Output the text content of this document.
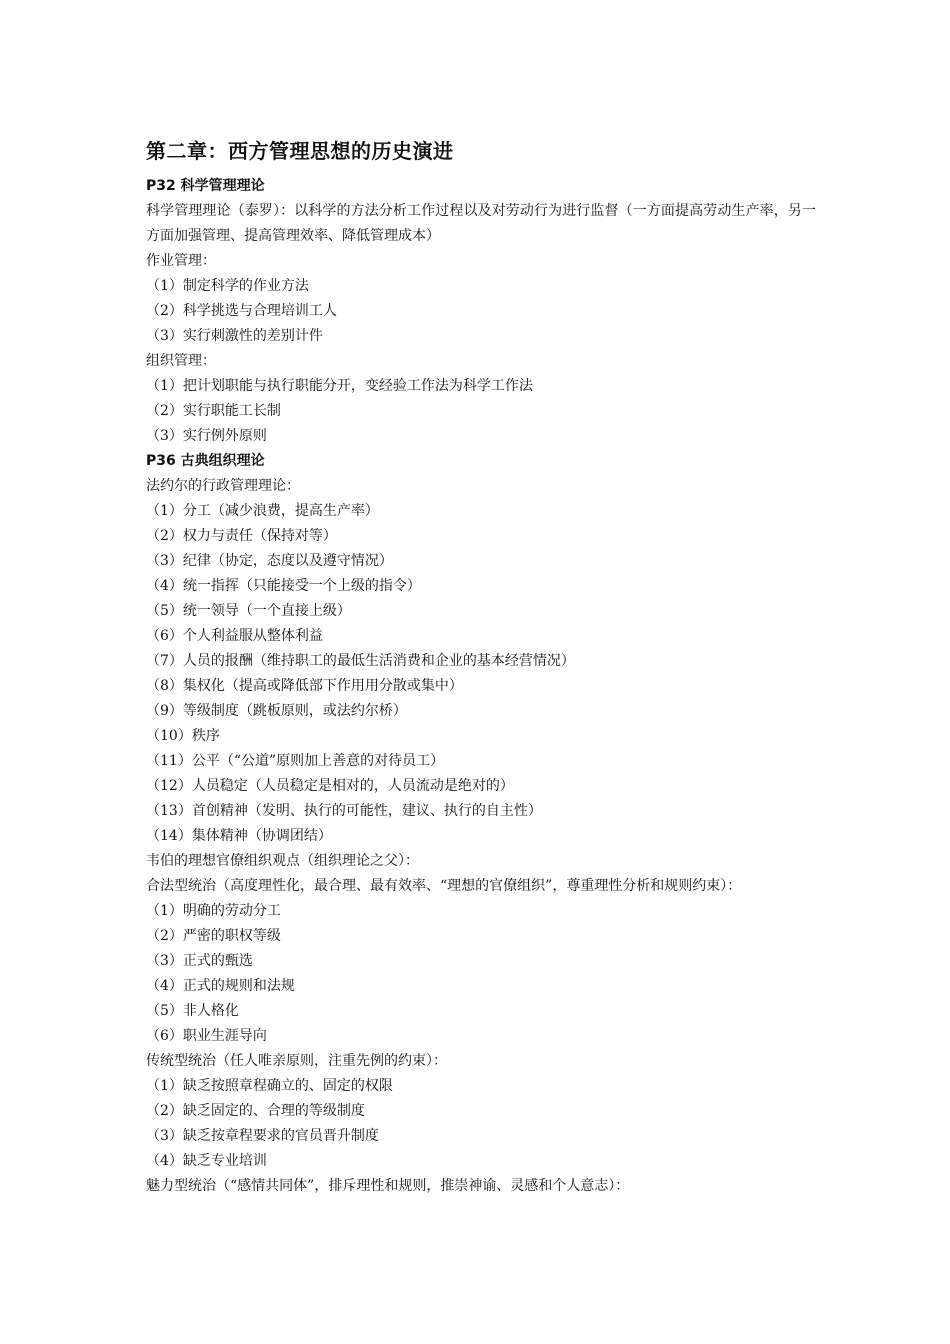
第二章：西方管理思想的历史演进
P32 科学管理理论
科学管理理论（泰罗）：以科学的方法分析工作过程以及对劳动行为进行监督（一方面提高劳动生产率，另一方面加强管理、提高管理效率、降低管理成本）
作业管理：
（1）制定科学的作业方法
（2）科学挑选与合理培训工人
（3）实行刺激性的差别计件
组织管理：
（1）把计划职能与执行职能分开，变经验工作法为科学工作法
（2）实行职能工长制
（3）实行例外原则
P36 古典组织理论
法约尔的行政管理理论：
（1）分工（减少浪费，提高生产率）
（2）权力与责任（保持对等）
（3）纪律（协定，态度以及遵守情况）
（4）统一指挥（只能接受一个上级的指令）
（5）统一领导（一个直接上级）
（6）个人利益服从整体利益
（7）人员的报酬（维持职工的最低生活消费和企业的基本经营情况）
（8）集权化（提高或降低部下作用用分散或集中）
（9）等级制度（跳板原则，或法约尔桥）
（10）秩序
（11）公平（“公道”原则加上善意的对待员工）
（12）人员稳定（人员稳定是相对的，人员流动是绝对的）
（13）首创精神（发明、执行的可能性，建议、执行的自主性）
（14）集体精神（协调团结）
韦伯的理想官僚组织观点（组织理论之父）：
合法型统治（高度理性化，最合理、最有效率、“理想的官僚组织”，尊重理性分析和规则约束）：
（1）明确的劳动分工
（2）严密的职权等级
（3）正式的甄选
（4）正式的规则和法规
（5）非人格化
（6）职业生涯导向
传统型统治（任人唯亲原则，注重先例的约束）：
（1）缺乏按照章程确立的、固定的权限
（2）缺乏固定的、合理的等级制度
（3）缺乏按章程要求的官员晋升制度
（4）缺乏专业培训
魅力型统治（“感情共同体”，排斥理性和规则，推崇神谕、灵感和个人意志）：
